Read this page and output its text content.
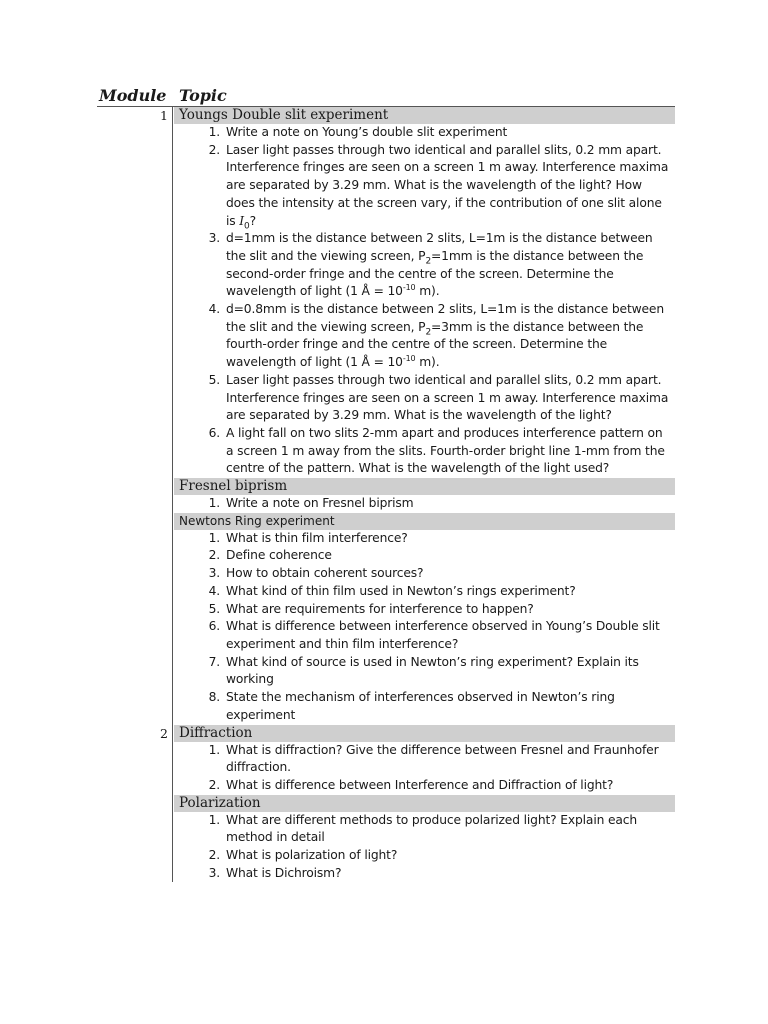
Module Topic
1 Youngs Double slit experiment
1. Write a note on Young’s double slit experiment
2. Laser light passes through two identical and parallel slits, 0.2 mm apart. Interference fringes are seen on a screen 1 m away. Interference maxima are separated by 3.29 mm. What is the wavelength of the light? How does the intensity at the screen vary, if the contribution of one slit alone is $I_0$?
3. d=1mm is the distance between 2 slits, L=1m is the distance between the slit and the viewing screen, $P_2=1mm$ is the distance between the second-order fringe and the centre of the screen. Determine the wavelength of light (1 Å = $10^{-10}$ m).
4. d=0.8mm is the distance between 2 slits, L=1m is the distance between the slit and the viewing screen, $P_2=3mm$ is the distance between the fourth-order fringe and the centre of the screen. Determine the wavelength of light (1 Å = $10^{-10}$ m).
5. Laser light passes through two identical and parallel slits, 0.2 mm apart. Interference fringes are seen on a screen 1 m away. Interference maxima are separated by 3.29 mm. What is the wavelength of the light?
6. A light fall on two slits 2-mm apart and produces interference pattern on a screen 1 m away from the slits. Fourth-order bright line 1-mm from the centre of the pattern. What is the wavelength of the light used?
Fresnel biprism
1. Write a note on Fresnel biprism
Newtons Ring experiment
1. What is thin film interference?
2. Define coherence
3. How to obtain coherent sources?
4. What kind of thin film used in Newton’s rings experiment?
5. What are requirements for interference to happen?
6. What is difference between interference observed in Young’s Double slit experiment and thin film interference?
7. What kind of source is used in Newton’s ring experiment? Explain its working
8. State the mechanism of interferences observed in Newton’s ring experiment
2 Diffraction
1. What is diffraction? Give the difference between Fresnel and Fraunhofer diffraction.
2. What is difference between Interference and Diffraction of light?
Polarization
1. What are different methods to produce polarized light? Explain each method in detail
2. What is polarization of light?
3. What is Dichroism?
